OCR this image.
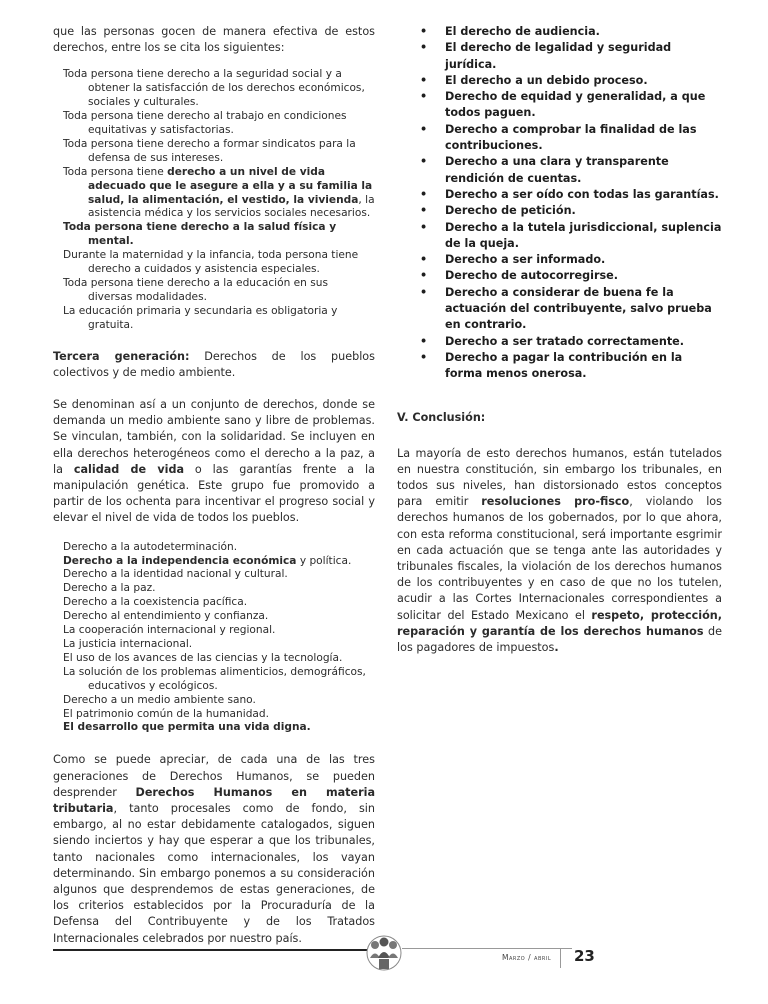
que las personas gocen de manera efectiva de estos derechos, entre los se cita los siguientes:

Toda persona tiene derecho a la seguridad social y a obtener la satisfacción de los derechos económicos, sociales y culturales.
Toda persona tiene derecho al trabajo en condiciones equitativas y satisfactorias.
Toda persona tiene derecho a formar sindicatos para la defensa de sus intereses.
Toda persona tiene derecho a un nivel de vida adecuado que le asegure a ella y a su familia la salud, la alimentación, el vestido, la vivienda, la asistencia médica y los servicios sociales necesarios.
Toda persona tiene derecho a la salud física y mental.
Durante la maternidad y la infancia, toda persona tiene derecho a cuidados y asistencia especiales.
Toda persona tiene derecho a la educación en sus diversas modalidades.
La educación primaria y secundaria es obligatoria y gratuita.

Tercera generación: Derechos de los pueblos colectivos y de medio ambiente.

Se denominan así a un conjunto de derechos, donde se demanda un medio ambiente sano y libre de problemas. Se vinculan, también, con la solidaridad. Se incluyen en ella derechos heterogéneos como el derecho a la paz, a la calidad de vida o las garantías frente a la manipulación genética. Este grupo fue promovido a partir de los ochenta para incentivar el progreso social y elevar el nivel de vida de todos los pueblos.

Derecho a la autodeterminación.
Derecho a la independencia económica y política.
Derecho a la identidad nacional y cultural.
Derecho a la paz.
Derecho a la coexistencia pacífica.
Derecho al entendimiento y confianza.
La cooperación internacional y regional.
La justicia internacional.
El uso de los avances de las ciencias y la tecnología.
La solución de los problemas alimenticios, demográficos, educativos y ecológicos.
Derecho a un medio ambiente sano.
El patrimonio común de la humanidad.
El desarrollo que permita una vida digna.

Como se puede apreciar, de cada una de las tres generaciones de Derechos Humanos, se pueden desprender Derechos Humanos en materia tributaria, tanto procesales como de fondo, sin embargo, al no estar debidamente catalogados, siguen siendo inciertos y hay que esperar a que los tribunales, tanto nacionales como internacionales, los vayan determinando. Sin embargo ponemos a su consideración algunos que desprendemos de estas generaciones, de los criterios establecidos por la Procuraduría de la Defensa del Contribuyente y de los Tratados Internacionales celebrados por nuestro país.

• El derecho de audiencia.
• El derecho de legalidad y seguridad jurídica.
• El derecho a un debido proceso.
• Derecho de equidad y generalidad, a que todos paguen.
• Derecho a comprobar la finalidad de las contribuciones.
• Derecho a una clara y transparente rendición de cuentas.
• Derecho a ser oído con todas las garantías.
• Derecho de petición.
• Derecho a la tutela jurisdiccional, suplencia de la queja.
• Derecho a ser informado.
• Derecho de autocorregirse.
• Derecho a considerar de buena fe la actuación del contribuyente, salvo prueba en contrario.
• Derecho a ser tratado correctamente.
• Derecho a pagar la contribución en la forma menos onerosa.

V. Conclusión:

La mayoría de esto derechos humanos, están tutelados en nuestra constitución, sin embargo los tribunales, en todos sus niveles, han distorsionado estos conceptos para emitir resoluciones pro-fisco, violando los derechos humanos de los gobernados, por lo que ahora, con esta reforma constitucional, será importante esgrimir en cada actuación que se tenga ante las autoridades y tribunales fiscales, la violación de los derechos humanos de los contribuyentes y en caso de que no los tutelen, acudir a las Cortes Internacionales correspondientes a solicitar del Estado Mexicano el respeto, protección, reparación y garantía de los derechos humanos de los pagadores de impuestos.

Marzo / abril 23
